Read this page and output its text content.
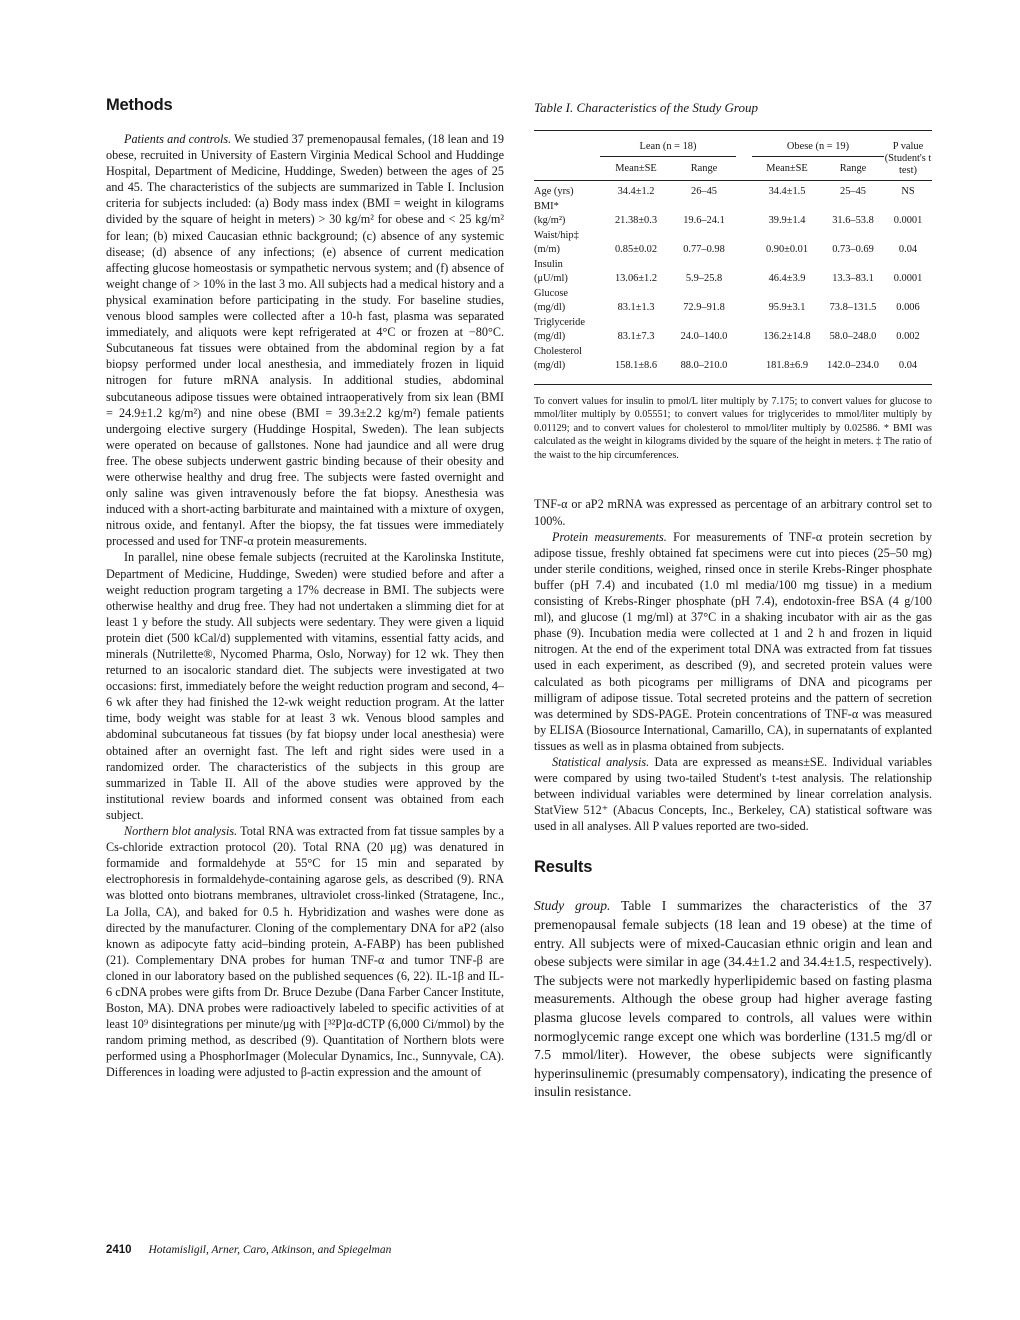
Methods

Patients and controls. We studied 37 premenopausal females, (18 lean and 19 obese, recruited in University of Eastern Virginia Medical School and Huddinge Hospital, Department of Medicine, Huddinge, Sweden) between the ages of 25 and 45. The characteristics of the subjects are summarized in Table I. Inclusion criteria for subjects included: (a) Body mass index (BMI = weight in kilograms divided by the square of height in meters) > 30 kg/m² for obese and < 25 kg/m² for lean; (b) mixed Caucasian ethnic background; (c) absence of any systemic disease; (d) absence of any infections; (e) absence of current medication affecting glucose homeostasis or sympathetic nervous system; and (f) absence of weight change of > 10% in the last 3 mo. All subjects had a medical history and a physical examination before participating in the study. For baseline studies, venous blood samples were collected after a 10-h fast, plasma was separated immediately, and aliquots were kept refrigerated at 4°C or frozen at −80°C. Subcutaneous fat tissues were obtained from the abdominal region by a fat biopsy performed under local anesthesia, and immediately frozen in liquid nitrogen for future mRNA analysis. In additional studies, abdominal subcutaneous adipose tissues were obtained intraoperatively from six lean (BMI = 24.9±1.2 kg/m²) and nine obese (BMI = 39.3±2.2 kg/m²) female patients undergoing elective surgery (Huddinge Hospital, Sweden). The lean subjects were operated on because of gallstones. None had jaundice and all were drug free. The obese subjects underwent gastric binding because of their obesity and were otherwise healthy and drug free. The subjects were fasted overnight and only saline was given intravenously before the fat biopsy. Anesthesia was induced with a short-acting barbiturate and maintained with a mixture of oxygen, nitrous oxide, and fentanyl. After the biopsy, the fat tissues were immediately processed and used for TNF-α protein measurements.

In parallel, nine obese female subjects (recruited at the Karolinska Institute, Department of Medicine, Huddinge, Sweden) were studied before and after a weight reduction program targeting a 17% decrease in BMI. The subjects were otherwise healthy and drug free. They had not undertaken a slimming diet for at least 1 y before the study. All subjects were sedentary. They were given a liquid protein diet (500 kCal/d) supplemented with vitamins, essential fatty acids, and minerals (Nutrilette®, Nycomed Pharma, Oslo, Norway) for 12 wk. They then returned to an isocaloric standard diet. The subjects were investigated at two occasions: first, immediately before the weight reduction program and second, 4–6 wk after they had finished the 12-wk weight reduction program. At the latter time, body weight was stable for at least 3 wk. Venous blood samples and abdominal subcutaneous fat tissues (by fat biopsy under local anesthesia) were obtained after an overnight fast. The left and right sides were used in a randomized order. The characteristics of the subjects in this group are summarized in Table II. All of the above studies were approved by the institutional review boards and informed consent was obtained from each subject.

Northern blot analysis. Total RNA was extracted from fat tissue samples by a Cs-chloride extraction protocol (20). Total RNA (20 μg) was denatured in formamide and formaldehyde at 55°C for 15 min and separated by electrophoresis in formaldehyde-containing agarose gels, as described (9). RNA was blotted onto biotrans membranes, ultraviolet cross-linked (Stratagene, Inc., La Jolla, CA), and baked for 0.5 h. Hybridization and washes were done as directed by the manufacturer. Cloning of the complementary DNA for aP2 (also known as adipocyte fatty acid–binding protein, A-FABP) has been published (21). Complementary DNA probes for human TNF-α and tumor TNF-β are cloned in our laboratory based on the published sequences (6, 22). IL-1β and IL-6 cDNA probes were gifts from Dr. Bruce Dezube (Dana Farber Cancer Institute, Boston, MA). DNA probes were radioactively labeled to specific activities of at least 10⁹ disintegrations per minute/μg with [³²P]α-dCTP (6,000 Ci/mmol) by the random priming method, as described (9). Quantitation of Northern blots were performed using a PhosphorImager (Molecular Dynamics, Inc., Sunnyvale, CA). Differences in loading were adjusted to β-actin expression and the amount of

Table I. Characteristics of the Study Group

	Lean (n = 18)			Obese (n = 19)		P value (Student's t test)
	Mean±SE	Range		Mean±SE	Range	

Age (yrs)	34.4±1.2	26–45		34.4±1.5	25–45	NS
BMI*						
(kg/m²)	21.38±0.3	19.6–24.1		39.9±1.4	31.6–53.8	0.0001
Waist/hip‡						
(m/m)	0.85±0.02	0.77–0.98		0.90±0.01	0.73–0.69	0.04
Insulin						
(μU/ml)	13.06±1.2	5.9–25.8		46.4±3.9	13.3–83.1	0.0001
Glucose						
(mg/dl)	83.1±1.3	72.9–91.8		95.9±3.1	73.8–131.5	0.006
Triglyceride						
(mg/dl)	83.1±7.3	24.0–140.0		136.2±14.8	58.0–248.0	0.002
Cholesterol						
(mg/dl)	158.1±8.6	88.0–210.0		181.8±6.9	142.0–234.0	0.04

To convert values for insulin to pmol/L liter multiply by 7.175; to convert values for glucose to mmol/liter multiply by 0.05551; to convert values for triglycerides to mmol/liter multiply by 0.01129; and to convert values for cholesterol to mmol/liter multiply by 0.02586. * BMI was calculated as the weight in kilograms divided by the square of the height in meters. ‡ The ratio of the waist to the hip circumferences.

TNF-α or aP2 mRNA was expressed as percentage of an arbitrary control set to 100%.

Protein measurements. For measurements of TNF-α protein secretion by adipose tissue, freshly obtained fat specimens were cut into pieces (25–50 mg) under sterile conditions, weighed, rinsed once in sterile Krebs-Ringer phosphate buffer (pH 7.4) and incubated (1.0 ml media/100 mg tissue) in a medium consisting of Krebs-Ringer phosphate (pH 7.4), endotoxin-free BSA (4 g/100 ml), and glucose (1 mg/ml) at 37°C in a shaking incubator with air as the gas phase (9). Incubation media were collected at 1 and 2 h and frozen in liquid nitrogen. At the end of the experiment total DNA was extracted from fat tissues used in each experiment, as described (9), and secreted protein values were calculated as both picograms per milligrams of DNA and picograms per milligram of adipose tissue. Total secreted proteins and the pattern of secretion was determined by SDS-PAGE. Protein concentrations of TNF-α was measured by ELISA (Biosource International, Camarillo, CA), in supernatants of explanted tissues as well as in plasma obtained from subjects.

Statistical analysis. Data are expressed as means±SE. Individual variables were compared by using two-tailed Student's t-test analysis. The relationship between individual variables were determined by linear correlation analysis. StatView 512⁺ (Abacus Concepts, Inc., Berkeley, CA) statistical software was used in all analyses. All P values reported are two-sided.

Results

Study group. Table I summarizes the characteristics of the 37 premenopausal female subjects (18 lean and 19 obese) at the time of entry. All subjects were of mixed-Caucasian ethnic origin and lean and obese subjects were similar in age (34.4±1.2 and 34.4±1.5, respectively). The subjects were not markedly hyperlipidemic based on fasting plasma measurements. Although the obese group had higher average fasting plasma glucose levels compared to controls, all values were within normoglycemic range except one which was borderline (131.5 mg/dl or 7.5 mmol/liter). However, the obese subjects were significantly hyperinsulinemic (presumably compensatory), indicating the presence of insulin resistance.

2410 Hotamisligil, Arner, Caro, Atkinson, and Spiegelman
